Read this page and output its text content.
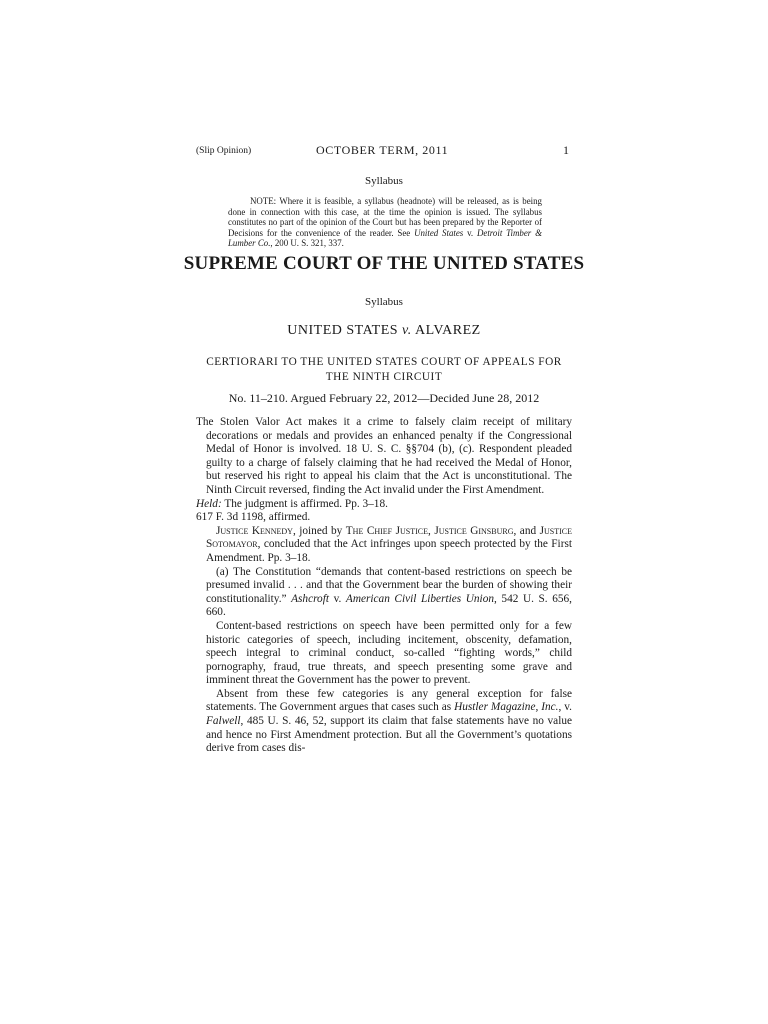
(Slip Opinion)	OCTOBER TERM, 2011	1
Syllabus
NOTE: Where it is feasible, a syllabus (headnote) will be released, as is being done in connection with this case, at the time the opinion is issued. The syllabus constitutes no part of the opinion of the Court but has been prepared by the Reporter of Decisions for the convenience of the reader. See United States v. Detroit Timber & Lumber Co., 200 U. S. 321, 337.
SUPREME COURT OF THE UNITED STATES
Syllabus
UNITED STATES v. ALVAREZ
CERTIORARI TO THE UNITED STATES COURT OF APPEALS FOR THE NINTH CIRCUIT
No. 11–210. Argued February 22, 2012—Decided June 28, 2012

The Stolen Valor Act makes it a crime to falsely claim receipt of military decorations or medals and provides an enhanced penalty if the Congressional Medal of Honor is involved. 18 U. S. C. §§704 (b), (c). Respondent pleaded guilty to a charge of falsely claiming that he had received the Medal of Honor, but reserved his right to appeal his claim that the Act is unconstitutional. The Ninth Circuit reversed, finding the Act invalid under the First Amendment.

Held: The judgment is affirmed. Pp. 3–18.

617 F. 3d 1198, affirmed.

Justice Kennedy, joined by The Chief Justice, Justice Ginsburg, and Justice Sotomayor, concluded that the Act infringes upon speech protected by the First Amendment. Pp. 3–18.

(a) The Constitution “demands that content-based restrictions on speech be presumed invalid . . . and that the Government bear the burden of showing their constitutionality.” Ashcroft v. American Civil Liberties Union, 542 U. S. 656, 660.

Content-based restrictions on speech have been permitted only for a few historic categories of speech, including incitement, obscenity, defamation, speech integral to criminal conduct, so-called “fighting words,” child pornography, fraud, true threats, and speech presenting some grave and imminent threat the Government has the power to prevent.

Absent from these few categories is any general exception for false statements. The Government argues that cases such as Hustler Magazine, Inc., v. Falwell, 485 U. S. 46, 52, support its claim that false statements have no value and hence no First Amendment protection. But all the Government’s quotations derive from cases dis-
